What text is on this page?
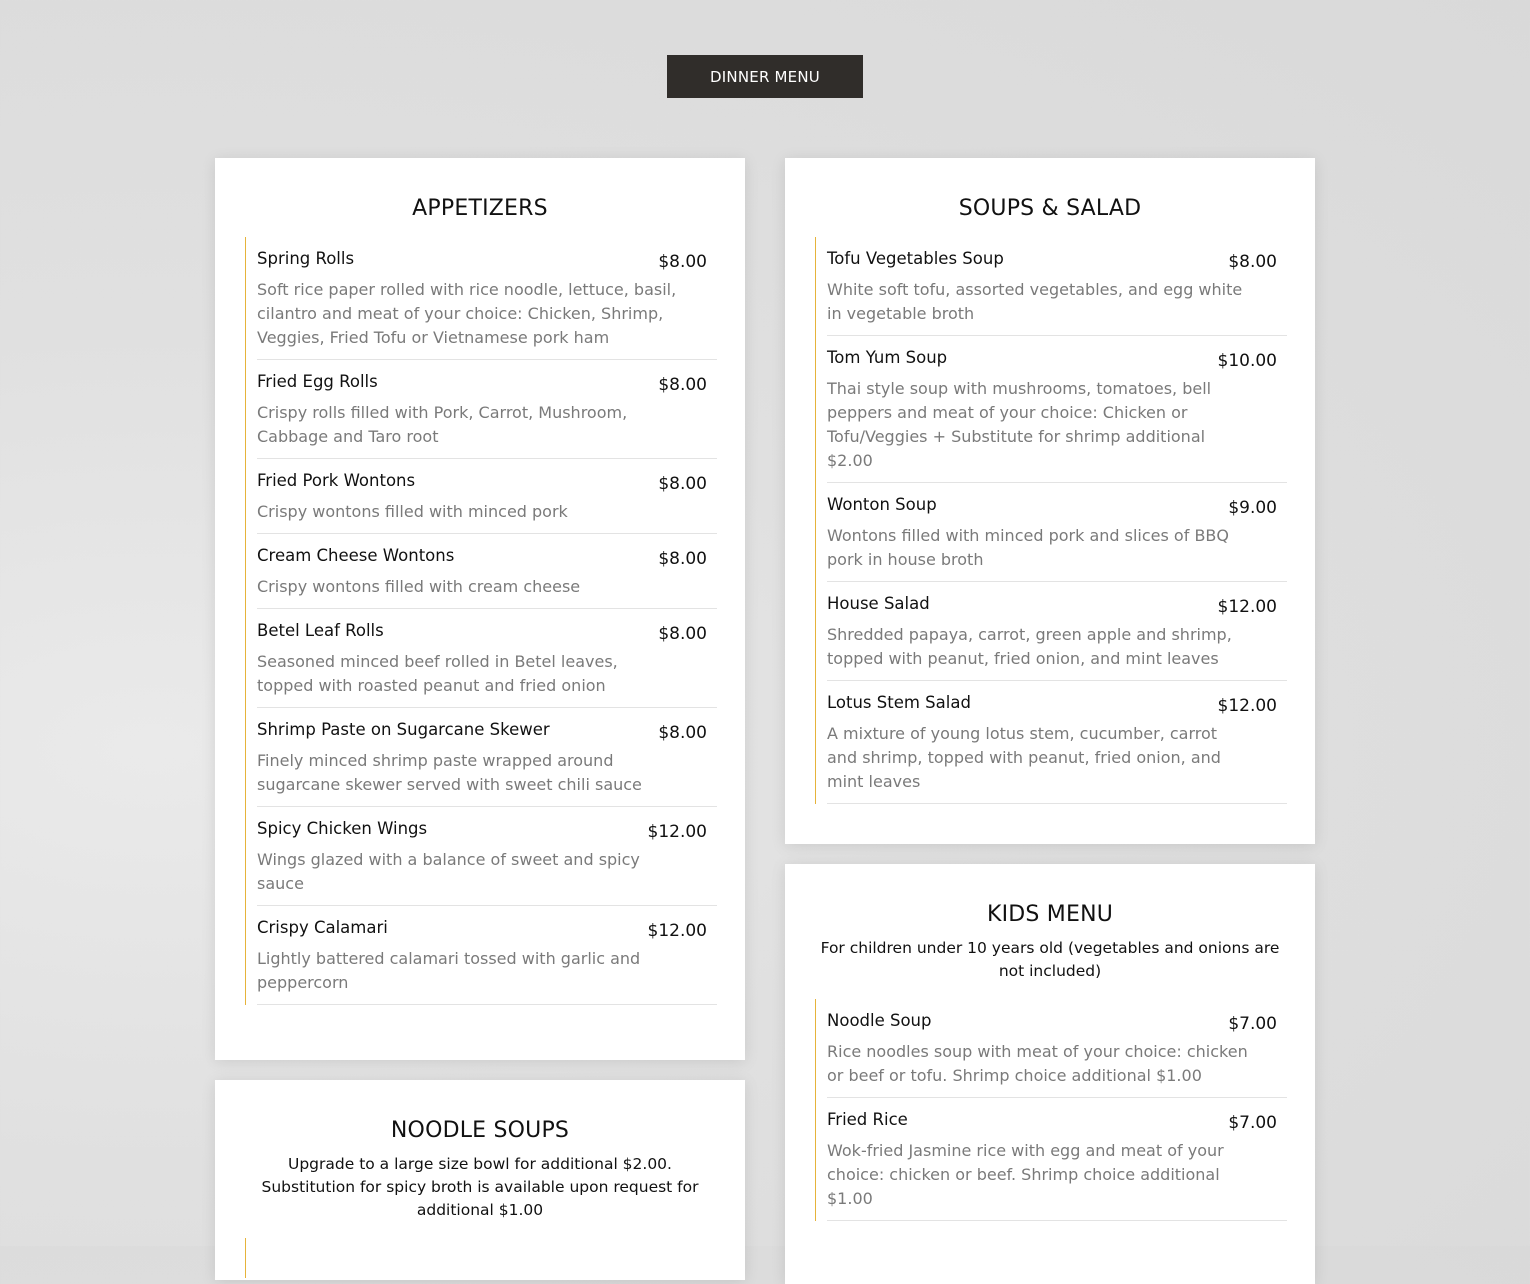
DINNER MENU
APPETIZERS
Spring Rolls	$8.00
Soft rice paper rolled with rice noodle, lettuce, basil, cilantro and meat of your choice: Chicken, Shrimp, Veggies, Fried Tofu or Vietnamese pork ham
Fried Egg Rolls	$8.00
Crispy rolls filled with Pork, Carrot, Mushroom, Cabbage and Taro root
Fried Pork Wontons	$8.00
Crispy wontons filled with minced pork
Cream Cheese Wontons	$8.00
Crispy wontons filled with cream cheese
Betel Leaf Rolls	$8.00
Seasoned minced beef rolled in Betel leaves, topped with roasted peanut and fried onion
Shrimp Paste on Sugarcane Skewer	$8.00
Finely minced shrimp paste wrapped around sugarcane skewer served with sweet chili sauce
Spicy Chicken Wings	$12.00
Wings glazed with a balance of sweet and spicy sauce
Crispy Calamari	$12.00
Lightly battered calamari tossed with garlic and peppercorn
SOUPS & SALAD
Tofu Vegetables Soup	$8.00
White soft tofu, assorted vegetables, and egg white in vegetable broth
Tom Yum Soup	$10.00
Thai style soup with mushrooms, tomatoes, bell peppers and meat of your choice: Chicken or Tofu/Veggies + Substitute for shrimp additional $2.00
Wonton Soup	$9.00
Wontons filled with minced pork and slices of BBQ pork in house broth
House Salad	$12.00
Shredded papaya, carrot, green apple and shrimp, topped with peanut, fried onion, and mint leaves
Lotus Stem Salad	$12.00
A mixture of young lotus stem, cucumber, carrot and shrimp, topped with peanut, fried onion, and mint leaves
NOODLE SOUPS

Upgrade to a large size bowl for additional $2.00. Substitution for spicy broth is available upon request for additional $1.00

KIDS MENU

For children under 10 years old (vegetables and onions are not included)

Noodle Soup	$7.00
Rice noodles soup with meat of your choice: chicken or beef or tofu. Shrimp choice additional $1.00
Fried Rice	$7.00
Wok-fried Jasmine rice with egg and meat of your choice: chicken or beef. Shrimp choice additional $1.00
